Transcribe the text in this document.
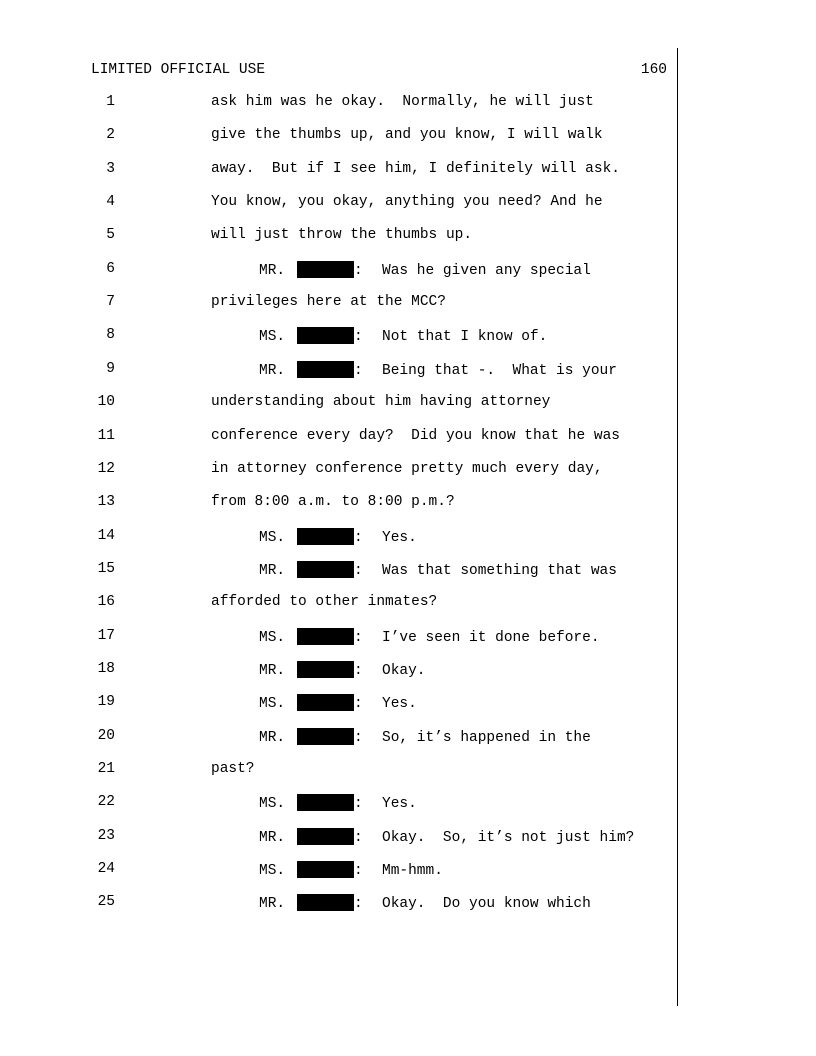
LIMITED OFFICIAL USE	160
1	ask him was he okay.  Normally, he will just
2	give the thumbs up, and you know, I will walk
3	away.  But if I see him, I definitely will ask.
4	You know, you okay, anything you need? And he
5	will just throw the thumbs up.
6	MR.	: Was he given any special
7	privileges here at the MCC?
8	MS.	: Not that I know of.
9	MR.	: Being that -.  What is your
10	understanding about him having attorney
11	conference every day?  Did you know that he was
12	in attorney conference pretty much every day,
13	from 8:00 a.m. to 8:00 p.m.?
14	MS.	: Yes.
15	MR.	: Was that something that was
16	afforded to other inmates?
17	MS.	: I’ve seen it done before.
18	MR.	: Okay.
19	MS.	: Yes.
20	MR.	: So, it’s happened in the
21	past?
22	MS.	: Yes.
23	MR.	: Okay.  So, it’s not just him?
24	MS.	: Mm-hmm.
25	MR.	: Okay.  Do you know which
